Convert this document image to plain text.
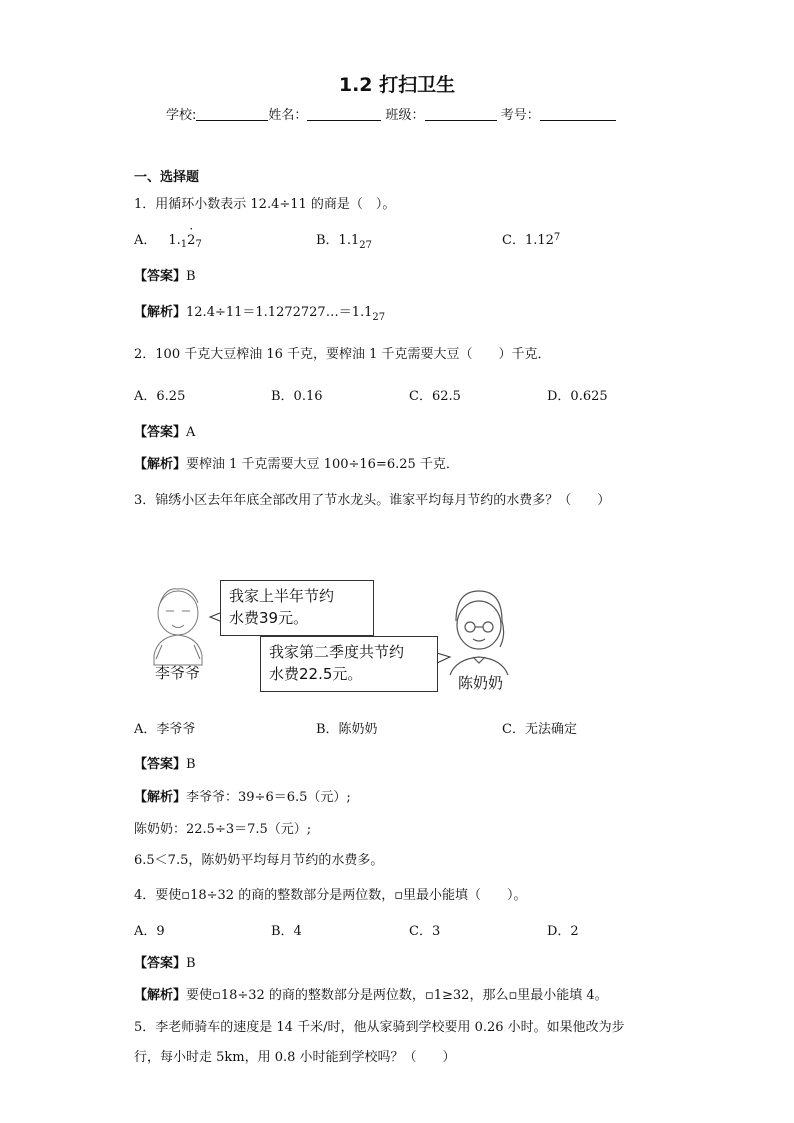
1.2 打扫卫生
学校:	姓名：	班级：	考号：
一、选择题
1．用循环小数表示 12.4÷11 的商是（　）。
A． $1._1\cdot 2_7$	B．$1.1_{27}$	C．$1.12^{7̇}$
【答案】B
【解析】$12.4\div 11=1.1272727\dots=1.1_{27}$
2．100 千克大豆榨油 16 千克，要榨油 1 千克需要大豆（　　）千克．
A．6.25	B．0.16	C．62.5	D．0.625
【答案】A
【解析】要榨油 1 千克需要大豆 100÷16=6.25 千克．
3．锦绣小区去年年底全部改用了节水龙头。谁家平均每月节约的水费多？（　　）
我家上半年节约
水费39元。
我家第二季度共节约
水费22.5元。
李爷爷
陈奶奶
A．李爷爷	B．陈奶奶	C．无法确定
【答案】B
【解析】李爷爷：39÷6＝6.5（元）;
陈奶奶：22.5÷3＝7.5（元）;
6.5＜7.5，陈奶奶平均每月节约的水费多。
4．要使▫18÷32 的商的整数部分是两位数，▫里最小能填（　　）。
A．9	B．4	C．3	D．2
【答案】B
【解析】要使▫18÷32 的商的整数部分是两位数，▫1≥32，那么▫里最小能填 4。
5．李老师骑车的速度是 14 千米/时，他从家骑到学校要用 0.26 小时。如果他改为步
行，每小时走 5km，用 0.8 小时能到学校吗？（　　）
